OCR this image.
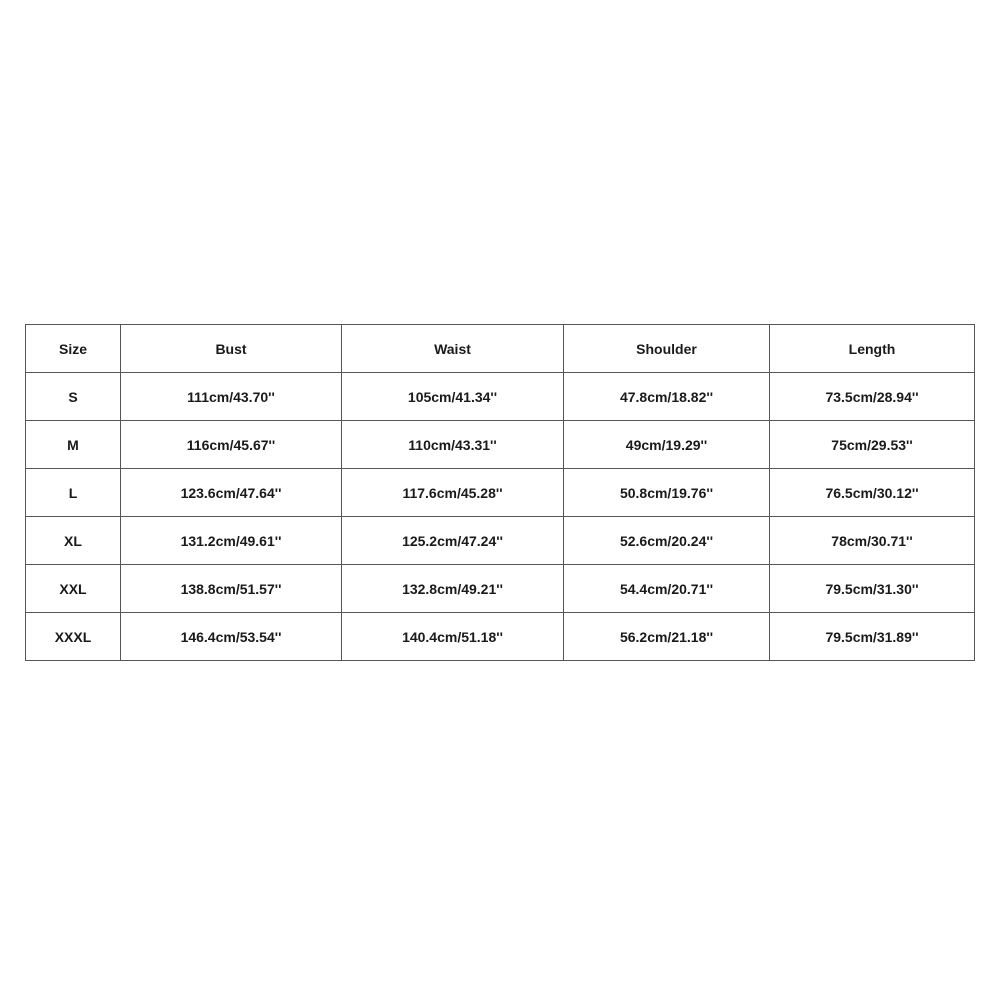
Size	Bust	Waist	Shoulder	Length
S	111cm/43.70''	105cm/41.34''	47.8cm/18.82''	73.5cm/28.94''
M	116cm/45.67''	110cm/43.31''	49cm/19.29''	75cm/29.53''
L	123.6cm/47.64''	117.6cm/45.28''	50.8cm/19.76''	76.5cm/30.12''
XL	131.2cm/49.61''	125.2cm/47.24''	52.6cm/20.24''	78cm/30.71''
XXL	138.8cm/51.57''	132.8cm/49.21''	54.4cm/20.71''	79.5cm/31.30''
XXXL	146.4cm/53.54''	140.4cm/51.18''	56.2cm/21.18''	79.5cm/31.89''
